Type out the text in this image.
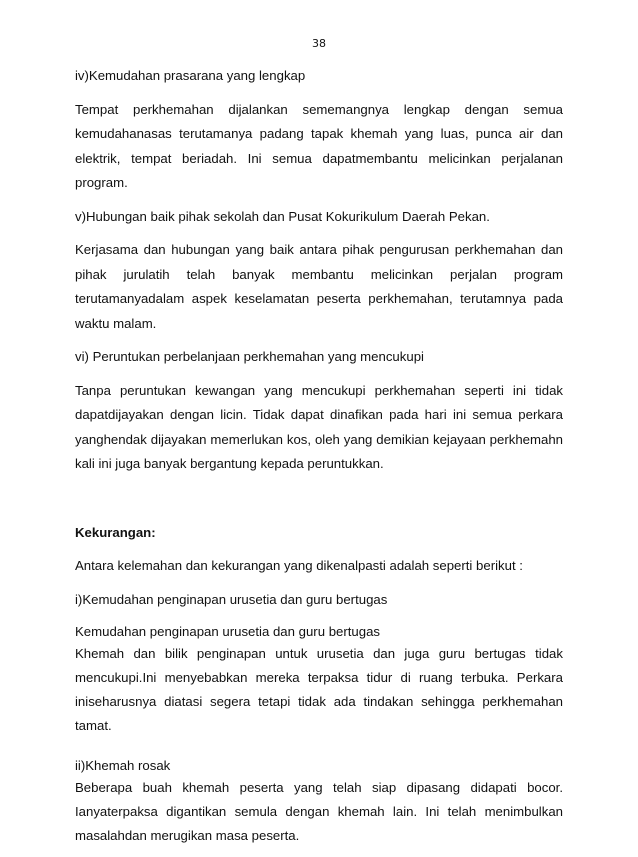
38

iv)Kemudahan prasarana yang lengkap

Tempat perkhemahan dijalankan sememangnya lengkap dengan semua kemudahanasas terutamanya padang tapak khemah yang luas, punca air dan elektrik, tempat beriadah. Ini semua dapatmembantu melicinkan perjalanan program.

v)Hubungan baik pihak sekolah dan Pusat Kokurikulum Daerah Pekan.

Kerjasama dan hubungan yang baik antara pihak pengurusan perkhemahan dan pihak jurulatih telah banyak membantu melicinkan perjalan program terutamanyadalam aspek keselamatan peserta perkhemahan, terutamnya pada waktu malam.

vi) Peruntukan perbelanjaan perkhemahan yang mencukupi

Tanpa peruntukan kewangan yang mencukupi perkhemahan seperti ini tidak dapatdijayakan dengan licin. Tidak dapat dinafikan pada hari ini semua perkara yanghendak dijayakan memerlukan kos, oleh yang demikian kejayaan perkhemahn kali ini juga banyak bergantung kepada peruntukkan.

Kekurangan:

Antara kelemahan dan kekurangan yang dikenalpasti adalah seperti berikut :

i)Kemudahan penginapan urusetia dan guru bertugas

Kemudahan penginapan urusetia dan guru bertugas

Khemah dan bilik penginapan untuk urusetia dan juga guru bertugas tidak mencukupi.Ini menyebabkan mereka terpaksa tidur di ruang terbuka. Perkara iniseharusnya diatasi segera tetapi tidak ada tindakan sehingga perkhemahan tamat.

ii)Khemah rosak

Beberapa buah khemah peserta yang telah siap dipasang didapati bocor. Ianyaterpaksa digantikan semula dengan khemah lain. Ini telah menimbulkan masalahdan merugikan masa peserta.
